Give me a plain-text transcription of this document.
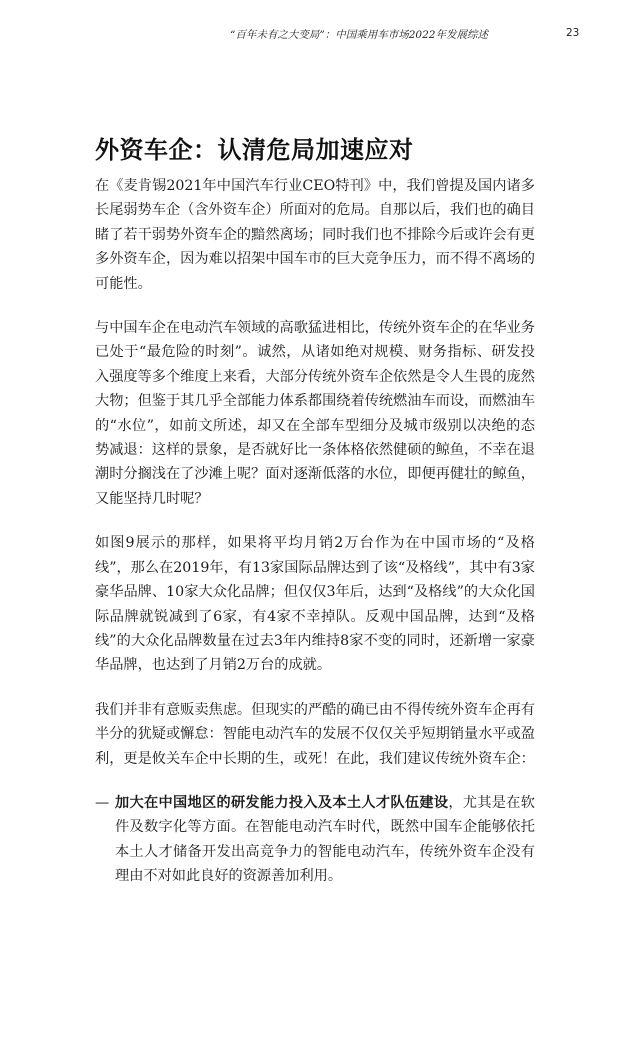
“百年未有之大变局”：中国乘用车市场2022年发展综述	23
外资车企：认清危局加速应对

在《麦肯锡2021年中国汽车行业CEO特刊》中，我们曾提及国内诸多长尾弱势车企（含外资车企）所面对的危局。自那以后，我们也的确目睹了若干弱势外资车企的黯然离场；同时我们也不排除今后或许会有更多外资车企，因为难以招架中国车市的巨大竞争压力，而不得不离场的可能性。

与中国车企在电动汽车领域的高歌猛进相比，传统外资车企的在华业务已处于“最危险的时刻”。诚然，从诸如绝对规模、财务指标、研发投入强度等多个维度上来看，大部分传统外资车企依然是令人生畏的庞然大物；但鉴于其几乎全部能力体系都围绕着传统燃油车而设，而燃油车的“水位”，如前文所述，却又在全部车型细分及城市级别以决绝的态势减退：这样的景象，是否就好比一条体格依然健硕的鲸鱼，不幸在退潮时分搁浅在了沙滩上呢？面对逐渐低落的水位，即便再健壮的鲸鱼，又能坚持几时呢？

如图9展示的那样，如果将平均月销2万台作为在中国市场的“及格线”，那么在2019年，有13家国际品牌达到了该“及格线”，其中有3家豪华品牌、10家大众化品牌；但仅仅3年后，达到“及格线”的大众化国际品牌就锐减到了6家，有4家不幸掉队。反观中国品牌，达到“及格线”的大众化品牌数量在过去3年内维持8家不变的同时，还新增一家豪华品牌，也达到了月销2万台的成就。

我们并非有意贩卖焦虑。但现实的严酷的确已由不得传统外资车企再有半分的犹疑或懈怠：智能电动汽车的发展不仅仅关乎短期销量水平或盈利，更是攸关车企中长期的生，或死！在此，我们建议传统外资车企：

— 加大在中国地区的研发能力投入及本土人才队伍建设，尤其是在软件及数字化等方面。在智能电动汽车时代，既然中国车企能够依托本土人才储备开发出高竞争力的智能电动汽车，传统外资车企没有理由不对如此良好的资源善加利用。
